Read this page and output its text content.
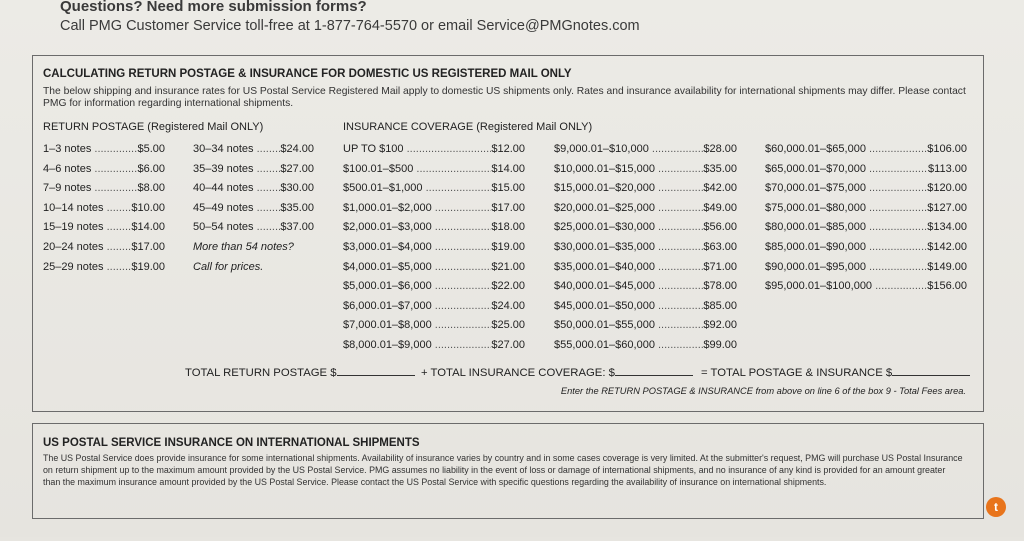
Questions? Need more submission forms?
Call PMG Customer Service toll-free at 1-877-764-5570 or email Service@PMGnotes.com
CALCULATING RETURN POSTAGE & INSURANCE FOR DOMESTIC US REGISTERED MAIL ONLY
The below shipping and insurance rates for US Postal Service Registered Mail apply to domestic US shipments only. Rates and insurance availability for international shipments may differ. Please contact PMG for information regarding international shipments.
RETURN POSTAGE (Registered Mail ONLY)	INSURANCE COVERAGE (Registered Mail ONLY)
1–3 notes .....	$5.00
4–6 notes .....	$6.00
7–9 notes .....	$8.00
10–14 notes .....	$10.00
15–19 notes .....	$14.00
20–24 notes .....	$17.00
25–29 notes .....	$19.00
30–34 notes .....	$24.00
35–39 notes .....	$27.00
40–44 notes .....	$30.00
45–49 notes .....	$35.00
50–54 notes .....	$37.00
More than 54 notes?
Call for prices.
UP TO $100 .....	$12.00
$100.01–$500 .....	$14.00
$500.01–$1,000 .....	$15.00
$1,000.01–$2,000 .....	$17.00
$2,000.01–$3,000 .....	$18.00
$3,000.01–$4,000 .....	$19.00
$4,000.01–$5,000 .....	$21.00
$5,000.01–$6,000 .....	$22.00
$6,000.01–$7,000 .....	$24.00
$7,000.01–$8,000 .....	$25.00
$8,000.01–$9,000 .....	$27.00
$9,000.01–$10,000 .....	$28.00
$10,000.01–$15,000 .....	$35.00
$15,000.01–$20,000 .....	$42.00
$20,000.01–$25,000 .....	$49.00
$25,000.01–$30,000 .....	$56.00
$30,000.01–$35,000 .....	$63.00
$35,000.01–$40,000 .....	$71.00
$40,000.01–$45,000 .....	$78.00
$45,000.01–$50,000 .....	$85.00
$50,000.01–$55,000 .....	$92.00
$55,000.01–$60,000 .....	$99.00
$60,000.01–$65,000 .....	$106.00
$65,000.01–$70,000 .....	$113.00
$70,000.01–$75,000 .....	$120.00
$75,000.01–$80,000 .....	$127.00
$80,000.01–$85,000 .....	$134.00
$85,000.01–$90,000 .....	$142.00
$90,000.01–$95,000 .....	$149.00
$95,000.01–$100,000 .....	$156.00
TOTAL RETURN POSTAGE $	+ TOTAL INSURANCE COVERAGE: $	= TOTAL POSTAGE & INSURANCE $
Enter the RETURN POSTAGE & INSURANCE from above on line 6 of the box 9 - Total Fees area.
US POSTAL SERVICE INSURANCE ON INTERNATIONAL SHIPMENTS
The US Postal Service does provide insurance for some international shipments. Availability of insurance varies by country and in some cases coverage is very limited. At the submitter's request, PMG will purchase US Postal Insurance on return shipment up to the maximum amount provided by the US Postal Service. PMG assumes no liability in the event of loss or damage of international shipments, and no insurance of any kind is provided for an amount greater than the maximum insurance amount provided by the US Postal Service. Please contact the US Postal Service with specific questions regarding the availability of insurance on international shipments.
t
